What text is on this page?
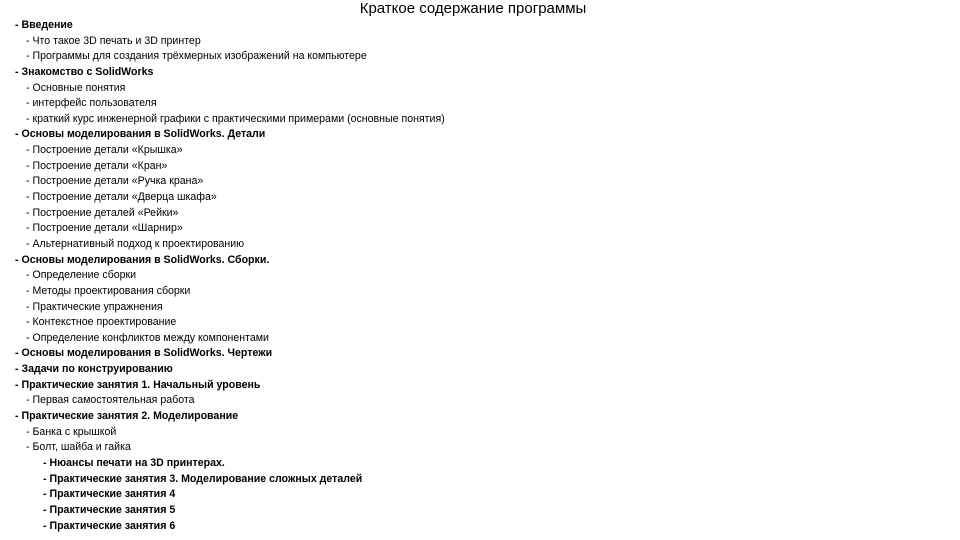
Краткое содержание программы
- Введение
- Что такое 3D печать и 3D принтер
- Программы для создания трёхмерных изображений на компьютере
- Знакомство с SolidWorks
- Основные понятия
- интерфейс пользователя
- краткий курс инженерной графики с практическими примерами (основные понятия)
- Основы моделирования в SolidWorks. Детали
- Построение детали «Крышка»
- Построение детали «Кран»
- Построение детали «Ручка крана»
- Построение детали «Дверца шкафа»
- Построение деталей «Рейки»
- Построение детали «Шарнир»
- Альтернативный подход к проектированию
- Основы моделирования в SolidWorks. Сборки.
- Определение сборки
- Методы проектирования сборки
- Практические упражнения
- Контекстное проектирование
- Определение конфликтов между компонентами
- Основы моделирования в SolidWorks. Чертежи
- Задачи по конструированию
- Практические занятия 1. Начальный уровень
- Первая самостоятельная работа
- Практические занятия 2. Моделирование
- Банка с крышкой
- Болт, шайба и гайка
- Нюансы печати на 3D принтерах.
- Практические занятия 3. Моделирование сложных деталей
- Практические занятия 4
- Практические занятия 5
- Практические занятия 6
